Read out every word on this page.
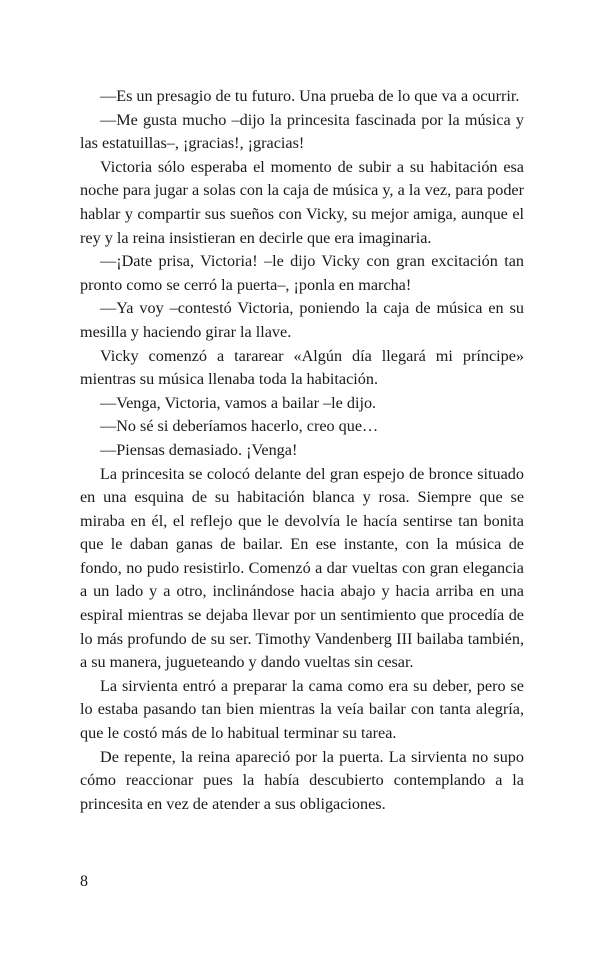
—Es un presagio de tu futuro. Una prueba de lo que va a ocurrir.

—Me gusta mucho –dijo la princesita fascinada por la música y las estatuillas–, ¡gracias!, ¡gracias!

Victoria sólo esperaba el momento de subir a su habitación esa noche para jugar a solas con la caja de música y, a la vez, para poder hablar y compartir sus sueños con Vicky, su mejor amiga, aunque el rey y la reina insistieran en decirle que era imaginaria.

—¡Date prisa, Victoria! –le dijo Vicky con gran excitación tan pronto como se cerró la puerta–, ¡ponla en marcha!

—Ya voy –contestó Victoria, poniendo la caja de música en su mesilla y haciendo girar la llave.

Vicky comenzó a tararear «Algún día llegará mi príncipe» mientras su música llenaba toda la habitación.

—Venga, Victoria, vamos a bailar –le dijo.

—No sé si deberíamos hacerlo, creo que…

—Piensas demasiado. ¡Venga!

La princesita se colocó delante del gran espejo de bronce situado en una esquina de su habitación blanca y rosa. Siempre que se miraba en él, el reflejo que le devolvía le hacía sentirse tan bonita que le daban ganas de bailar. En ese instante, con la música de fondo, no pudo resistirlo. Comenzó a dar vueltas con gran elegancia a un lado y a otro, inclinándose hacia abajo y hacia arriba en una espiral mientras se dejaba llevar por un sentimiento que procedía de lo más profundo de su ser. Timothy Vandenberg III bailaba también, a su manera, jugueteando y dando vueltas sin cesar.

La sirvienta entró a preparar la cama como era su deber, pero se lo estaba pasando tan bien mientras la veía bailar con tanta alegría, que le costó más de lo habitual terminar su tarea.

De repente, la reina apareció por la puerta. La sirvienta no supo cómo reaccionar pues la había descubierto contemplando a la princesita en vez de atender a sus obligaciones.

8
